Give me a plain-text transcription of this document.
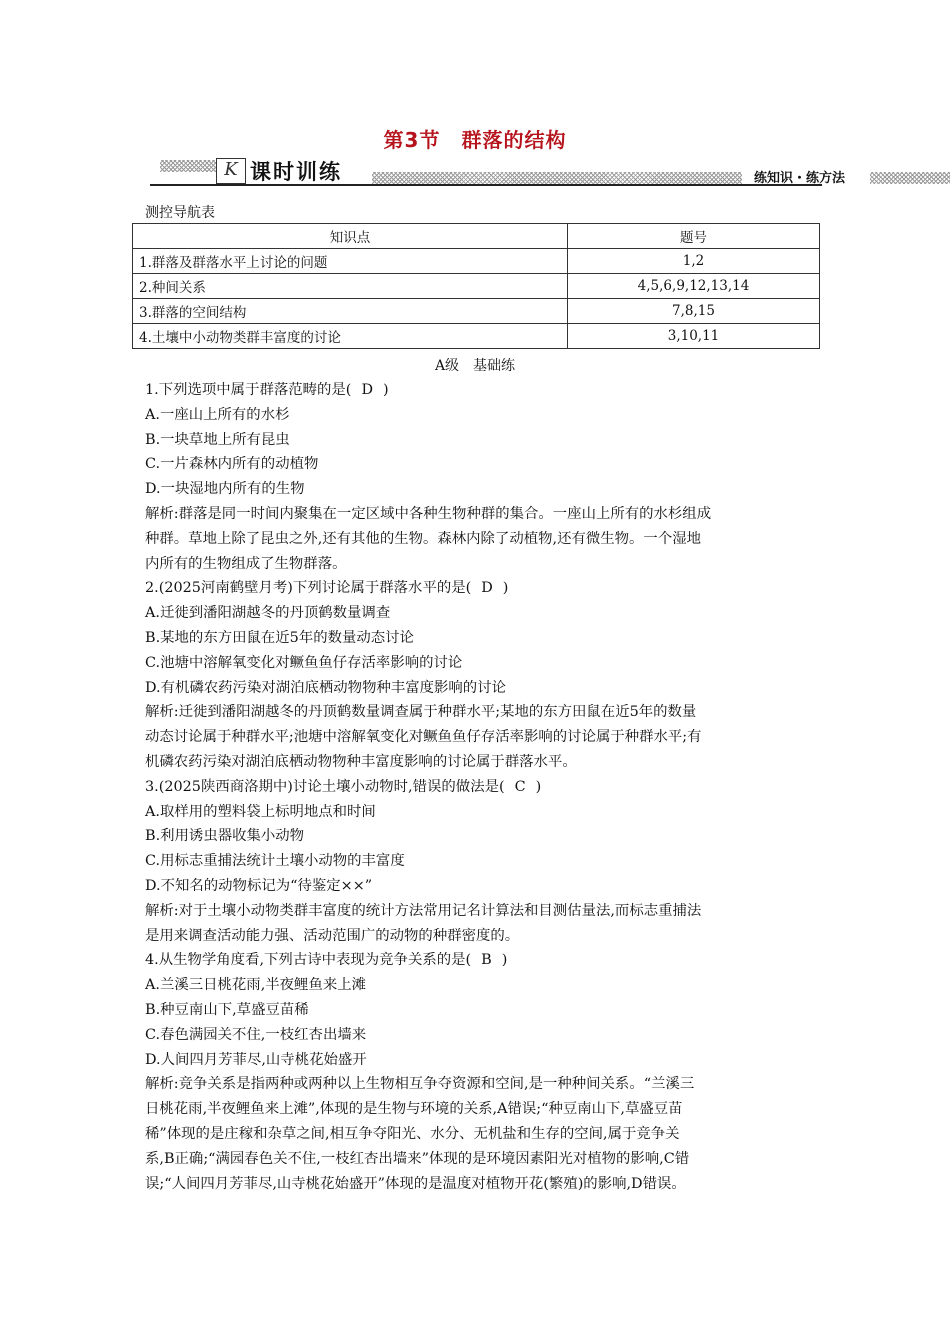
第3节　群落的结构
K 课时训练	练知识・练方法
测控导航表
知识点	题号
1.群落及群落水平上讨论的问题	1,2
2.种间关系	4,5,6,9,12,13,14
3.群落的空间结构	7,8,15
4.土壤中小动物类群丰富度的讨论	3,10,11
A级　基础练

1.下列选项中属于群落范畴的是( D )

A.一座山上所有的水杉

B.一块草地上所有昆虫

C.一片森林内所有的动植物

D.一块湿地内所有的生物

解析:群落是同一时间内聚集在一定区域中各种生物种群的集合。一座山上所有的水杉组成

种群。草地上除了昆虫之外,还有其他的生物。森林内除了动植物,还有微生物。一个湿地

内所有的生物组成了生物群落。

2.(2025河南鹤壁月考)下列讨论属于群落水平的是( D )

A.迁徙到潘阳湖越冬的丹顶鹤数量调查

B.某地的东方田鼠在近5年的数量动态讨论

C.池塘中溶解氧变化对鳜鱼鱼仔存活率影响的讨论

D.有机磷农药污染对湖泊底栖动物物种丰富度影响的讨论

解析:迁徙到潘阳湖越冬的丹顶鹤数量调查属于种群水平;某地的东方田鼠在近5年的数量

动态讨论属于种群水平;池塘中溶解氧变化对鳜鱼鱼仔存活率影响的讨论属于种群水平;有

机磷农药污染对湖泊底栖动物物种丰富度影响的讨论属于群落水平。

3.(2025陕西商洛期中)讨论土壤小动物时,错误的做法是( C )

A.取样用的塑料袋上标明地点和时间

B.利用诱虫器收集小动物

C.用标志重捕法统计土壤小动物的丰富度

D.不知名的动物标记为“待鉴定××”

解析:对于土壤小动物类群丰富度的统计方法常用记名计算法和目测估量法,而标志重捕法

是用来调查活动能力强、活动范围广的动物的种群密度的。

4.从生物学角度看,下列古诗中表现为竞争关系的是( B )

A.兰溪三日桃花雨,半夜鲤鱼来上滩

B.种豆南山下,草盛豆苗稀

C.春色满园关不住,一枝红杏出墙来

D.人间四月芳菲尽,山寺桃花始盛开

解析:竞争关系是指两种或两种以上生物相互争夺资源和空间,是一种种间关系。“兰溪三

日桃花雨,半夜鲤鱼来上滩”,体现的是生物与环境的关系,A错误;“种豆南山下,草盛豆苗

稀”体现的是庄稼和杂草之间,相互争夺阳光、水分、无机盐和生存的空间,属于竞争关

系,B正确;“满园春色关不住,一枝红杏出墙来”体现的是环境因素阳光对植物的影响,C错

误;“人间四月芳菲尽,山寺桃花始盛开”体现的是温度对植物开花(繁殖)的影响,D错误。
